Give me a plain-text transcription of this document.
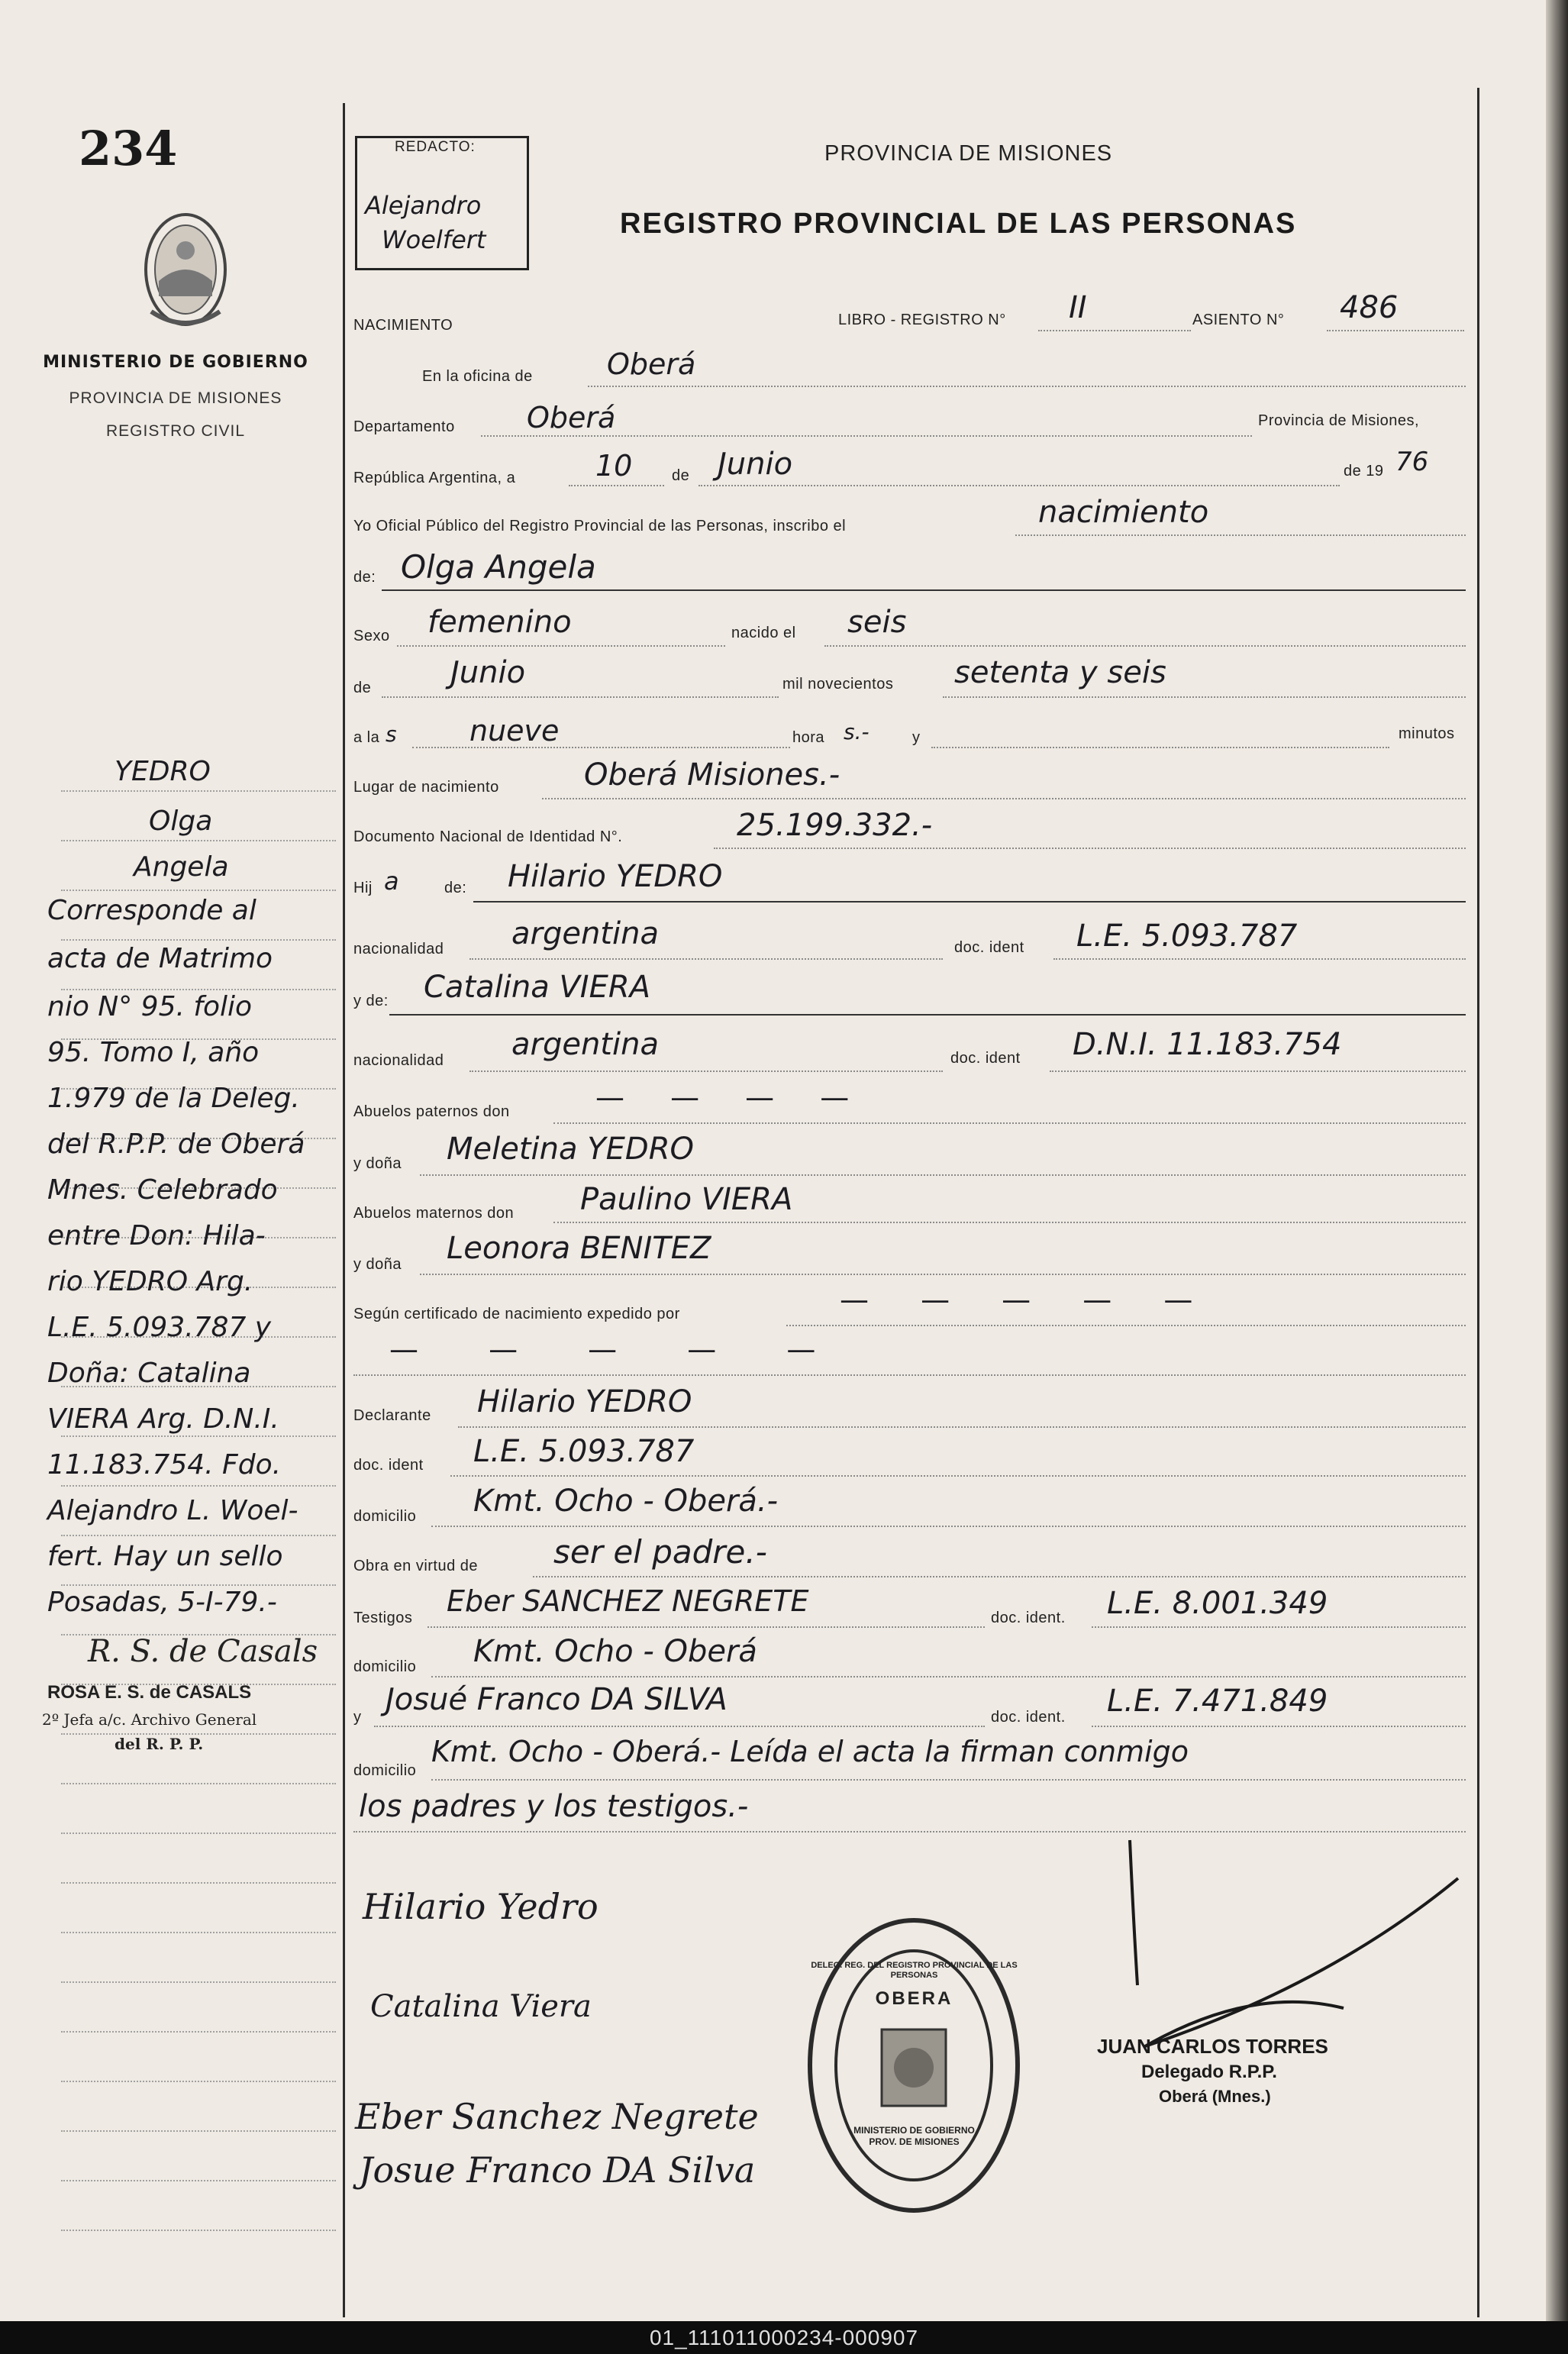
234
MINISTERIO DE GOBIERNO
PROVINCIA DE MISIONES
REGISTRO CIVIL
YEDRO
Olga
Angela
Corresponde al
acta de Matrimo
nio N° 95. folio
95. Tomo I, año
1.979 de la Deleg.
del R.P.P. de Oberá
Mnes. Celebrado
entre Don: Hila-
rio YEDRO Arg.
L.E. 5.093.787 y
Doña: Catalina
VIERA Arg. D.N.I.
11.183.754. Fdo.
Alejandro L. Woel-
fert. Hay un sello
Posadas, 5-I-79.-
R. S. de Casals
ROSA E. S. de CASALS
2º Jefa a/c. Archivo General
del R. P. P.
REDACTO:
Alejandro
Woelfert
PROVINCIA DE MISIONES
REGISTRO PROVINCIAL DE LAS PERSONAS
NACIMIENTO	LIBRO - REGISTRO N° II	ASIENTO N° 486
En la oficina de	Oberá
Departamento Oberá	Provincia de Misiones,
República Argentina, a	10	de Junio	de 19 76
Yo Oficial Público del Registro Provincial de las Personas, inscribo el	nacimiento
de: Olga Angela
Sexo femenino	nacido el seis
de	Junio	mil novecientos setenta y seis
a la s	nueve	hora s.-	y	minutos
Lugar de nacimiento	Oberá Misiones.-
Documento Nacional de Identidad N°.	25.199.332.-
Hij a	de: Hilario YEDRO
nacionalidad argentina	doc. ident L.E. 5.093.787
y de: Catalina VIERA
nacionalidad argentina	doc. ident D.N.I. 11.183.754
Abuelos paternos don	— — — —
y doña Meletina YEDRO
Abuelos maternos don Paulino VIERA
y doña Leonora BENITEZ
Según certificado de nacimiento expedido por	— — — — —
— — — — —
Declarante Hilario YEDRO
doc. ident L.E. 5.093.787
domicilio Kmt. Ocho - Oberá.-
Obra en virtud de ser el padre.-
Testigos Eber SANCHEZ NEGRETE	doc. ident. L.E. 8.001.349
domicilio Kmt. Ocho - Oberá
y Josué Franco DA SILVA	doc. ident. L.E. 7.471.849
domicilio
Kmt. Ocho - Oberá.- Leída el acta la firman conmigo
los padres y los testigos.-
Hilario Yedro
Catalina Viera
Eber Sanchez Negrete
Josue Franco DA Silva
DELEG. REG. DEL REGISTRO PROVINCIAL DE LAS PERSONAS
OBERA
MINISTERIO DE GOBIERNO PROV. DE MISIONES
JUAN CARLOS TORRES
Delegado R.P.P.
Oberá (Mnes.)
01_111011000234-000907
